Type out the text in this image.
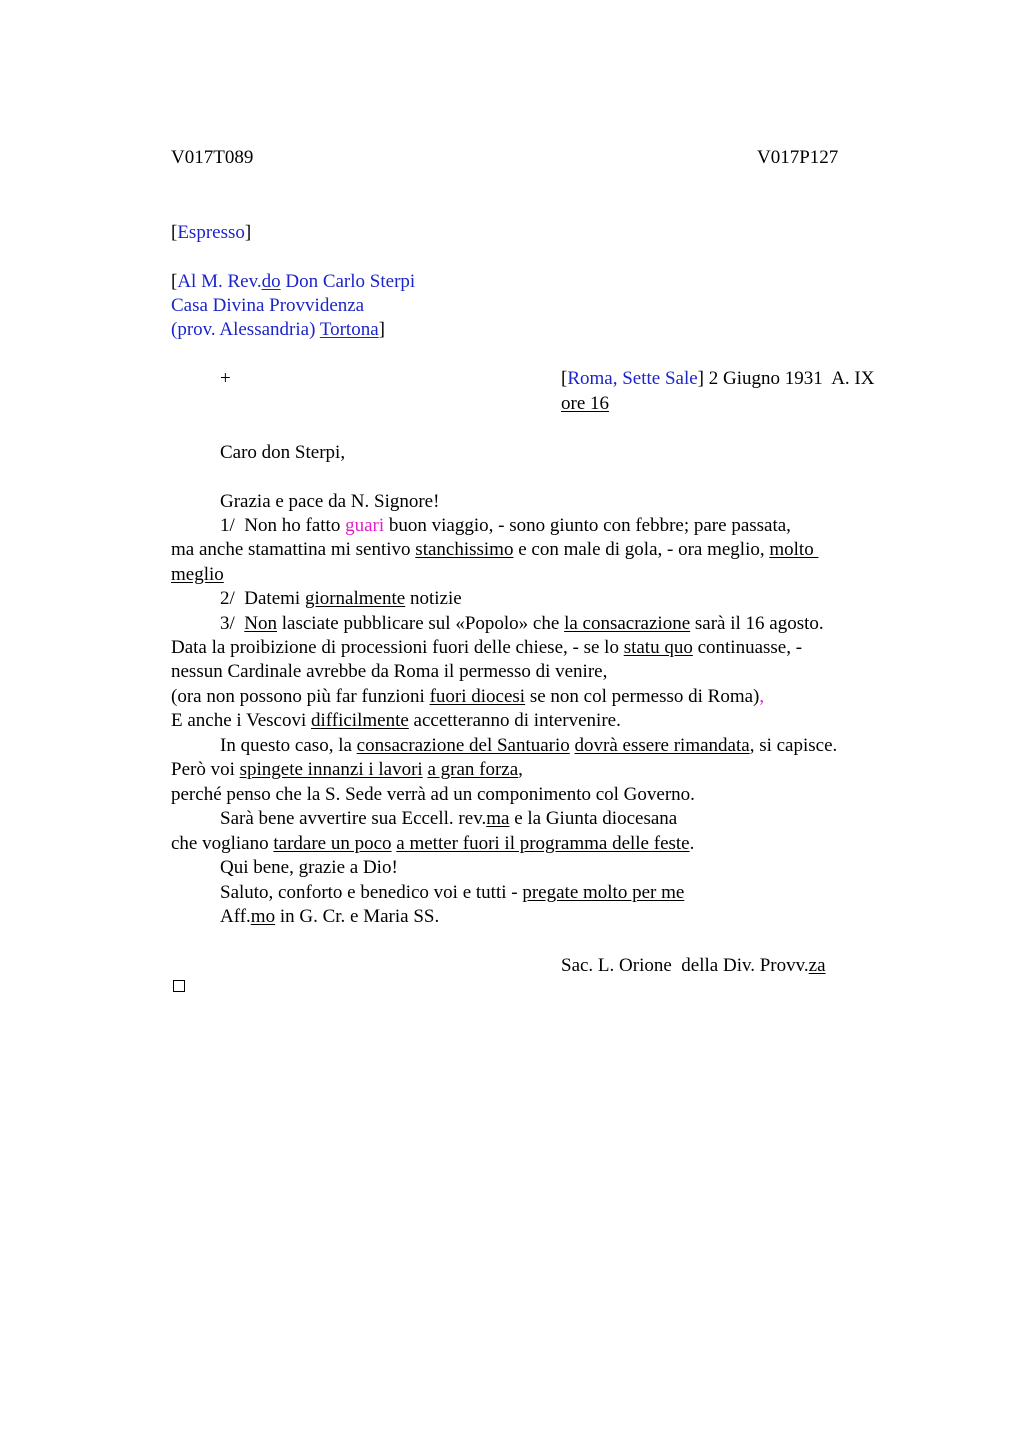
V017T089	V017P127
[Espresso]
[Al M. Rev.do Don Carlo Sterpi
Casa Divina Provvidenza
(prov. Alessandria) Tortona]
+	[Roma, Sette Sale] 2 Giugno 1931  A. IX
ore 16
Caro don Sterpi,
Grazia e pace da N. Signore!
1/  Non ho fatto guari buon viaggio, - sono giunto con febbre; pare passata,
ma anche stamattina mi sentivo stanchissimo e con male di gola, - ora meglio, molto
meglio
2/  Datemi giornalmente notizie
3/  Non lasciate pubblicare sul «Popolo» che la consacrazione sarà il 16 agosto.
Data la proibizione di processioni fuori delle chiese, - se lo statu quo continuasse, -
nessun Cardinale avrebbe da Roma il permesso di venire,
(ora non possono più far funzioni fuori diocesi se non col permesso di Roma),
E anche i Vescovi difficilmente accetteranno di intervenire.
In questo caso, la consacrazione del Santuario dovrà essere rimandata, si capisce.
Però voi spingete innanzi i lavori a gran forza,
perché penso che la S. Sede verrà ad un componimento col Governo.
Sarà bene avvertire sua Eccell. rev.ma e la Giunta diocesana
che vogliano tardare un poco a metter fuori il programma delle feste.
Qui bene, grazie a Dio!
Saluto, conforto e benedico voi e tutti - pregate molto per me
Aff.mo in G. Cr. e Maria SS.
Sac. L. Orione  della Div. Provv.za
